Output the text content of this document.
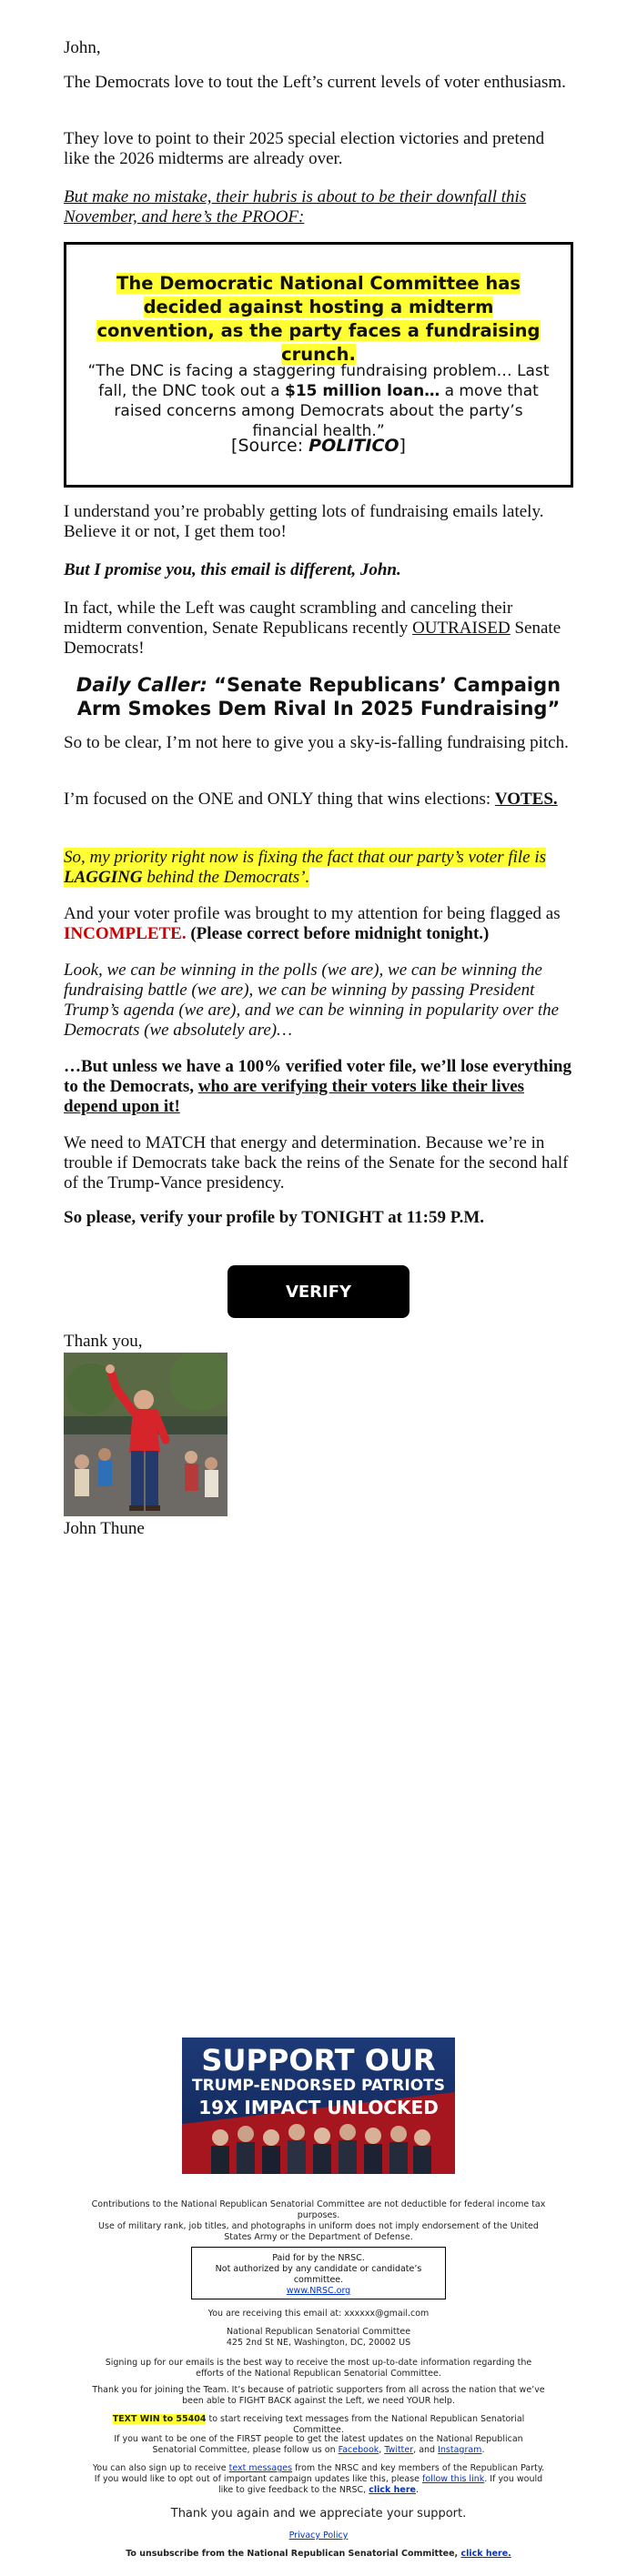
John,

The Democrats love to tout the Left’s current levels of voter enthusiasm.

They love to point to their 2025 special election victories and pretend like the 2026 midterms are already over.

But make no mistake, their hubris is about to be their downfall this November, and here’s the PROOF:

The Democratic National Committee has decided against hosting a midterm convention, as the party faces a fundraising crunch.
“The DNC is facing a staggering fundraising problem… Last fall, the DNC took out a $15 million loan… a move that raised concerns among Democrats about the party’s financial health.”
[Source: POLITICO]

I understand you’re probably getting lots of fundraising emails lately. Believe it or not, I get them too!

But I promise you, this email is different, John.

In fact, while the Left was caught scrambling and canceling their midterm convention, Senate Republicans recently OUTRAISED Senate Democrats!

Daily Caller: “Senate Republicans’ Campaign Arm Smokes Dem Rival In 2025 Fundraising”

So to be clear, I’m not here to give you a sky-is-falling fundraising pitch.

I’m focused on the ONE and ONLY thing that wins elections: VOTES.

So, my priority right now is fixing the fact that our party’s voter file is LAGGING behind the Democrats’.

And your voter profile was brought to my attention for being flagged as INCOMPLETE. (Please correct before midnight tonight.)

Look, we can be winning in the polls (we are), we can be winning the fundraising battle (we are), we can be winning by passing President Trump’s agenda (we are), and we can be winning in popularity over the Democrats (we absolutely are)…

…But unless we have a 100% verified voter file, we’ll lose everything to the Democrats, who are verifying their voters like their lives depend upon it!

We need to MATCH that energy and determination. Because we’re in trouble if Democrats take back the reins of the Senate for the second half of the Trump-Vance presidency.

So please, verify your profile by TONIGHT at 11:59 P.M.

VERIFY

Thank you,

John Thune

SUPPORT OUR
TRUMP-ENDORSED PATRIOTS
19X IMPACT UNLOCKED

Contributions to the National Republican Senatorial Committee are not deductible for federal income tax purposes.

Use of military rank, job titles, and photographs in uniform does not imply endorsement of the United States Army or the Department of Defense.

Paid for by the NRSC.
Not authorized by any candidate or candidate’s committee.
www.NRSC.org

You are receiving this email at: xxxxxx@gmail.com

National Republican Senatorial Committee

425 2nd St NE, Washington, DC, 20002 US

Signing up for our emails is the best way to receive the most up-to-date information regarding the efforts of the National Republican Senatorial Committee.

Thank you for joining the Team. It’s because of patriotic supporters from all across the nation that we’ve been able to FIGHT BACK against the Left, we need YOUR help.

TEXT WIN to 55404 to start receiving text messages from the National Republican Senatorial Committee.

If you want to be one of the FIRST people to get the latest updates on the National Republican Senatorial Committee, please follow us on Facebook, Twitter, and Instagram.

You can also sign up to receive text messages from the NRSC and key members of the Republican Party. If you would like to opt out of important campaign updates like this, please follow this link. If you would like to give feedback to the NRSC, click here.

Thank you again and we appreciate your support.

Privacy Policy

To unsubscribe from the National Republican Senatorial Committee, click here.
